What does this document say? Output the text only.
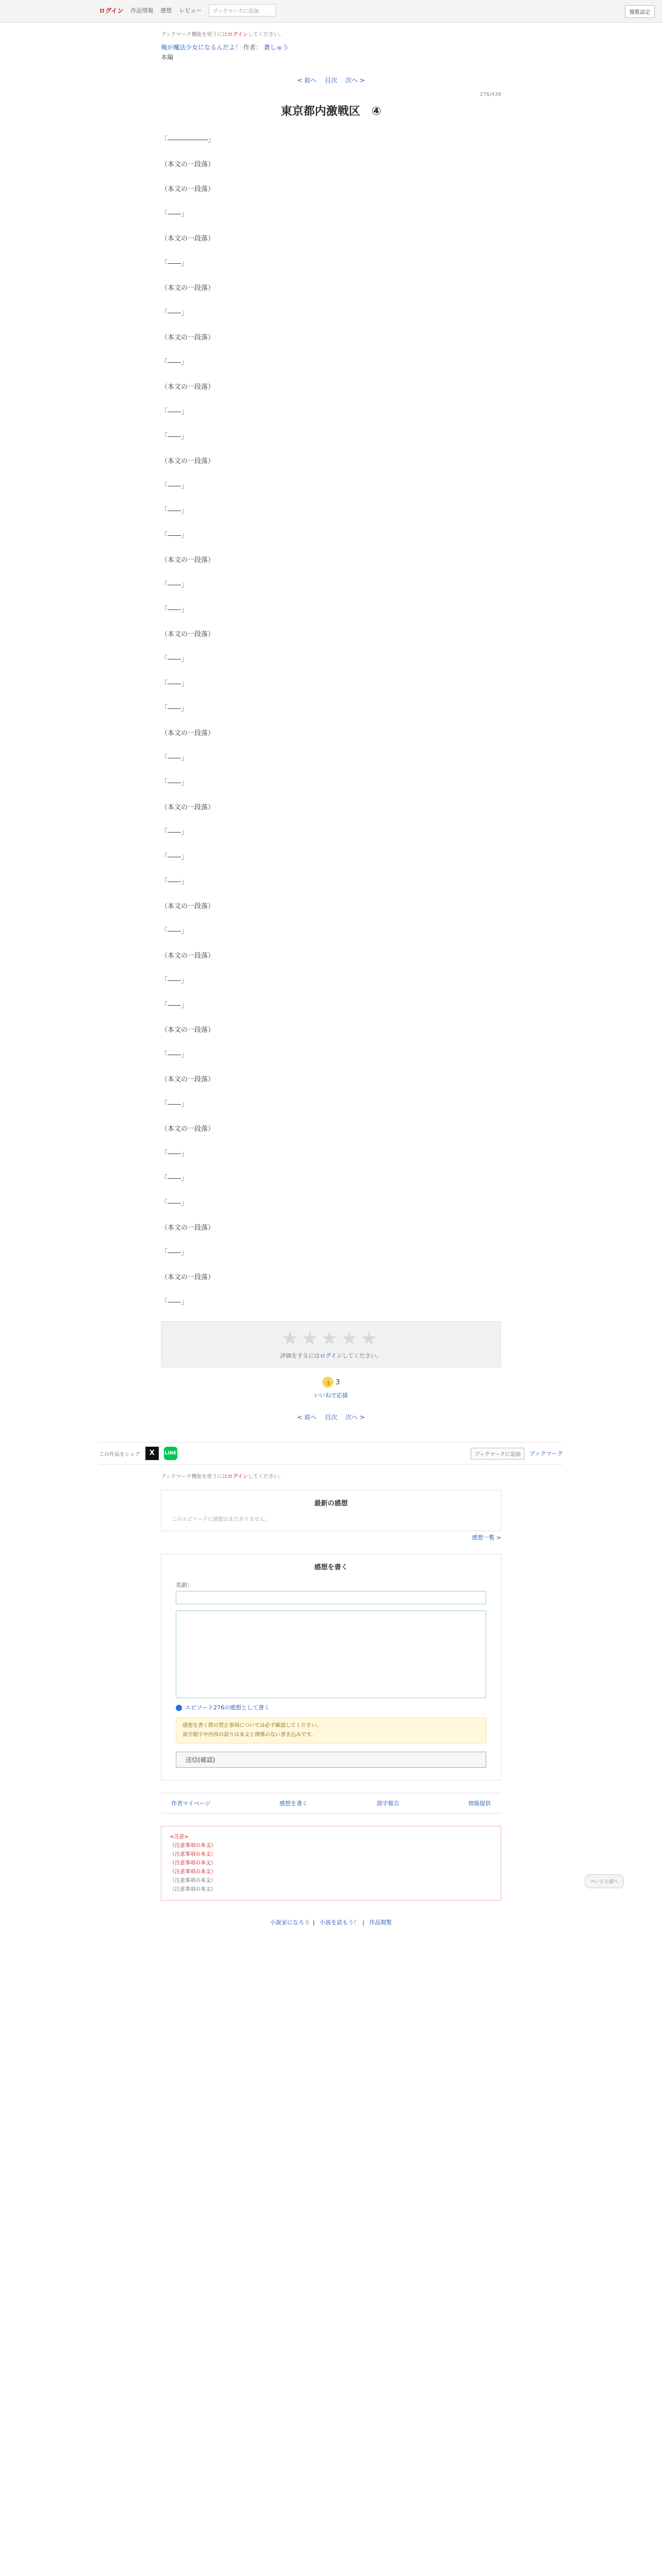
ログイン 作品情報 感想 レビュー	ブックマークに追加	閲覧設定
ブックマーク機能を使うにはログインしてください。
俺が魔法少女になるんだよ！ 作者： 蒼しゅう
本編
< 前へ 目次 次へ >
276/439
東京都内激戦区　④

「――――――」

（本文の一段落）

（本文の一段落）

「――」

（本文の一段落）

「――」

（本文の一段落）

「――」

（本文の一段落）

「――」

（本文の一段落）

「――」

「――」

（本文の一段落）

「――」

「――」

「――」

（本文の一段落）

「――」

「――」

（本文の一段落）

「――」

「――」

「――」

（本文の一段落）

「――」

「――」

（本文の一段落）

「――」

「――」

「――」

（本文の一段落）

「――」

（本文の一段落）

「――」

「――」

（本文の一段落）

「――」

（本文の一段落）

「――」

（本文の一段落）

「――」

「――」

「――」

（本文の一段落）

「――」

（本文の一段落）

「――」

★★★★★
評価をするにはログインしてください。
👍 3
いいねで応援
< 前へ 目次 次へ >
この作品をシェア	X	LINE	ブックマークに追加	ブックマーク
ブックマーク機能を使うにはログインしてください。
最新の感想
このエピソードに感想はまだありません。
感想一覧 >
感想を書く
名前：
エピソード276の感想として書く
感想を書く際の禁止事項については必ず確認してください。
誤字脱字や内容の誤りは本文と関係のない書き込みです。
送信(確認)
作者マイページ	感想を書く	誤字報告	情報提供
<注意>
（注意事項の本文）
（注意事項の本文）
（注意事項の本文）
（注意事項の本文）
（注意事項の本文）
（注意事項の本文）
小説家になろう | 小説を読もう！ | 作品閲覧
ページ上部へ
